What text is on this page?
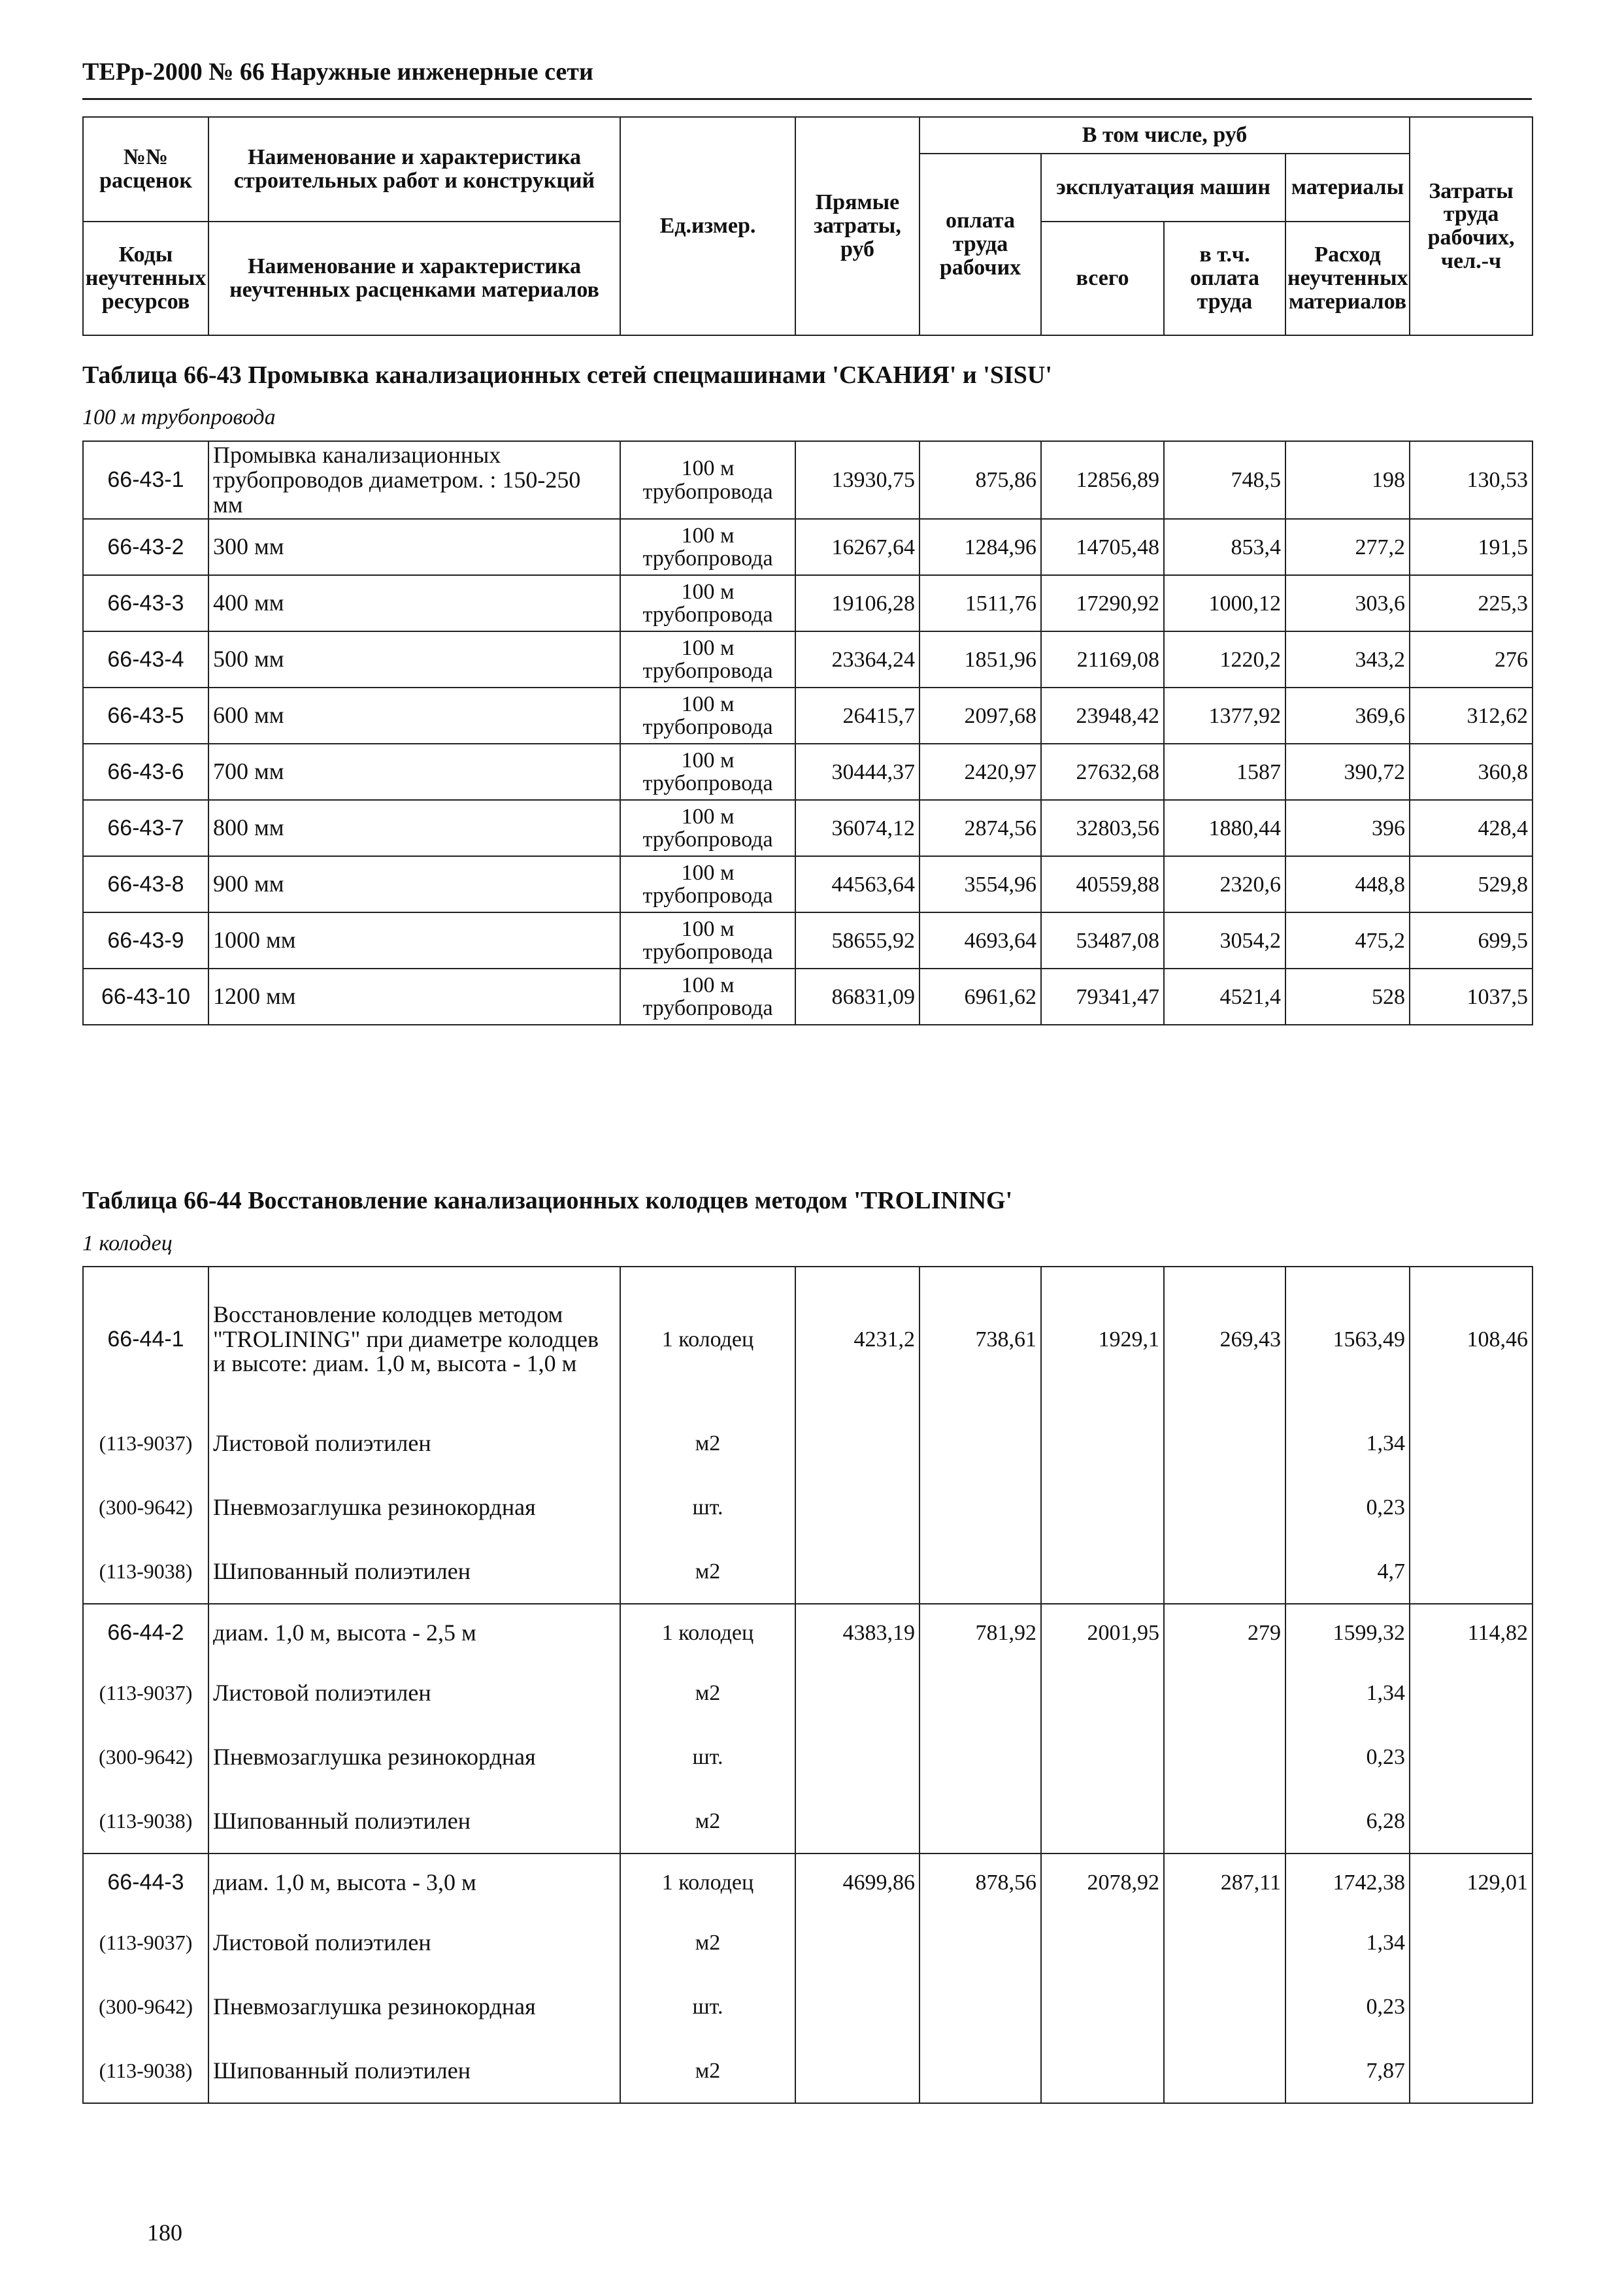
ТЕРр-2000 № 66 Наружные инженерные сети
№№ расценок	Наименование и характеристика строительных работ и конструкций	Ед.измер.	Прямые затраты, руб	В том числе, руб				Затраты труда рабочих, чел.-ч
				оплата труда рабочих	эксплуатация машин		материалы	

Коды неучтенных ресурсов	Наименование и характеристика неучтенных расценками материалов				всего	в т.ч. оплата труда	Расход неучтенных материалов	

Таблица 66-43 Промывка канализационных сетей спецмашинами 'СКАНИЯ' и 'SISU'
100 м трубопровода
66-43-1	Промывка канализационных трубопроводов диаметром. : 150-250 мм	100 м трубопровода	13930,75	875,86	12856,89	748,5	198	130,53
66-43-2	300 мм	100 м трубопровода	16267,64	1284,96	14705,48	853,4	277,2	191,5
66-43-3	400 мм	100 м трубопровода	19106,28	1511,76	17290,92	1000,12	303,6	225,3
66-43-4	500 мм	100 м трубопровода	23364,24	1851,96	21169,08	1220,2	343,2	276
66-43-5	600 мм	100 м трубопровода	26415,7	2097,68	23948,42	1377,92	369,6	312,62
66-43-6	700 мм	100 м трубопровода	30444,37	2420,97	27632,68	1587	390,72	360,8
66-43-7	800 мм	100 м трубопровода	36074,12	2874,56	32803,56	1880,44	396	428,4
66-43-8	900 мм	100 м трубопровода	44563,64	3554,96	40559,88	2320,6	448,8	529,8
66-43-9	1000 мм	100 м трубопровода	58655,92	4693,64	53487,08	3054,2	475,2	699,5
66-43-10	1200 мм	100 м трубопровода	86831,09	6961,62	79341,47	4521,4	528	1037,5
Таблица 66-44 Восстановление канализационных колодцев методом 'TROLINING'
1 колодец
66-44-1	Восстановление колодцев методом "TROLINING" при диаметре колодцев и высоте: диам. 1,0 м, высота - 1,0 м	1 колодец	4231,2	738,61	1929,1	269,43	1563,49	108,46
(113-9037)	Листовой полиэтилен	м2					1,34	
(300-9642)	Пневмозаглушка резинокордная	шт.					0,23	
(113-9038)	Шипованный полиэтилен	м2					4,7	
66-44-2	диам. 1,0 м, высота - 2,5 м	1 колодец	4383,19	781,92	2001,95	279	1599,32	114,82
(113-9037)	Листовой полиэтилен	м2					1,34	
(300-9642)	Пневмозаглушка резинокордная	шт.					0,23	
(113-9038)	Шипованный полиэтилен	м2					6,28	
66-44-3	диам. 1,0 м, высота - 3,0 м	1 колодец	4699,86	878,56	2078,92	287,11	1742,38	129,01
(113-9037)	Листовой полиэтилен	м2					1,34	
(300-9642)	Пневмозаглушка резинокордная	шт.					0,23	
(113-9038)	Шипованный полиэтилен	м2					7,87	
180
